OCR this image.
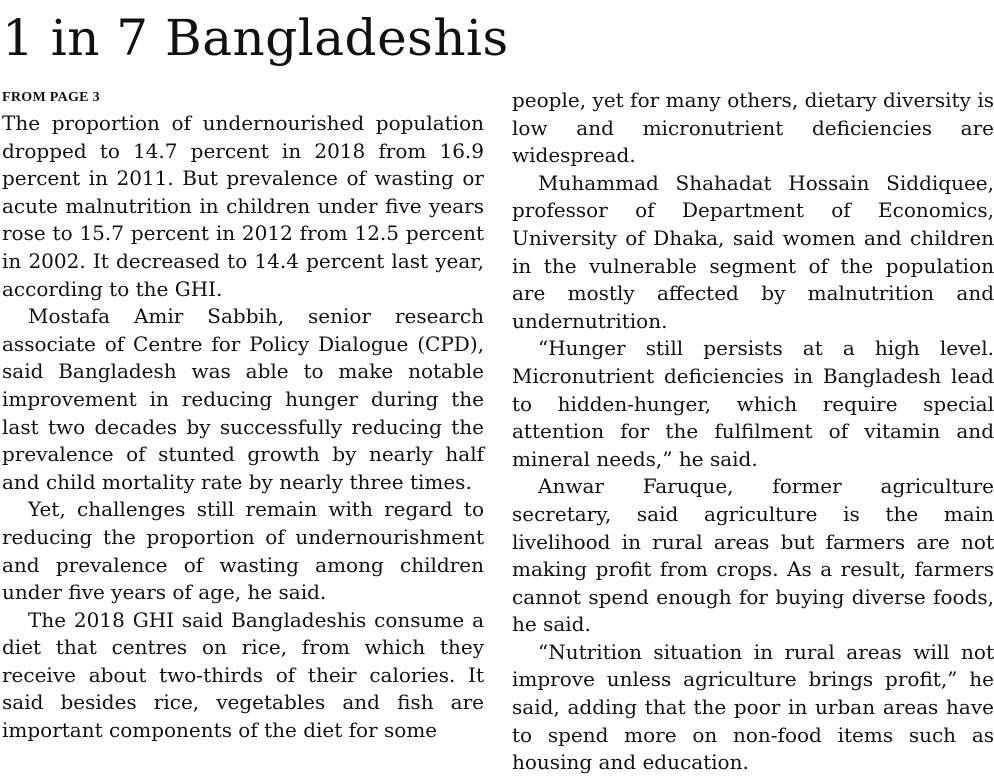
1 in 7 Bangladeshis
FROM PAGE 3

The proportion of undernourished population dropped to 14.7 percent in 2018 from 16.9 percent in 2011. But prevalence of wasting or acute malnutrition in children under five years rose to 15.7 percent in 2012 from 12.5 percent in 2002. It decreased to 14.4 percent last year, according to the GHI.

Mostafa Amir Sabbih, senior research associate of Centre for Policy Dialogue (CPD), said Bangladesh was able to make notable improvement in reducing hunger during the last two decades by successfully reducing the prevalence of stunted growth by nearly half and child mortality rate by nearly three times.

Yet, challenges still remain with regard to reducing the proportion of undernourishment and prevalence of wasting among children under five years of age, he said.

The 2018 GHI said Bangladeshis consume a diet that centres on rice, from which they receive about two-thirds of their calories. It said besides rice, vegetables and fish are important components of the diet for some

people, yet for many others, dietary diversity is low and micronutrient deficiencies are widespread.

Muhammad Shahadat Hossain Siddiquee, professor of Department of Economics, University of Dhaka, said women and children in the vulnerable segment of the population are mostly affected by malnutrition and undernutrition.

“Hunger still persists at a high level. Micronutrient deficiencies in Bangladesh lead to hidden-hunger, which require special attention for the fulfilment of vitamin and mineral needs,” he said.

Anwar Faruque, former agriculture secretary, said agriculture is the main livelihood in rural areas but farmers are not making profit from crops. As a result, farmers cannot spend enough for buying diverse foods, he said.

“Nutrition situation in rural areas will not improve unless agriculture brings profit,” he said, adding that the poor in urban areas have to spend more on non-food items such as housing and education.
